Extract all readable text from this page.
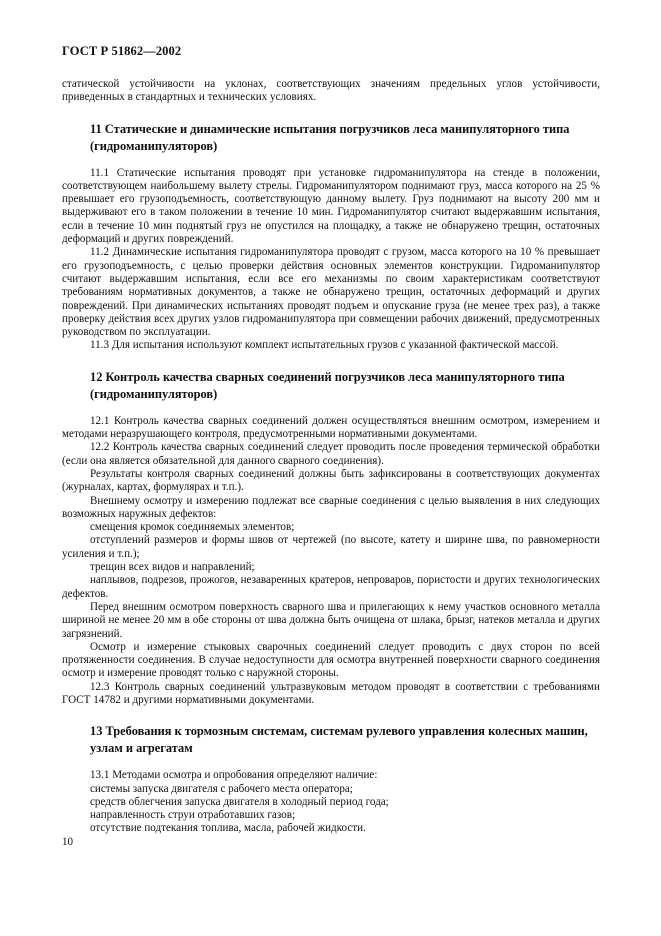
ГОСТ Р 51862—2002

статической устойчивости на уклонах, соответствующих значениям предельных углов устойчивости, приведенных в стандартных и технических условиях.

11 Статические и динамические испытания погрузчиков леса манипуляторного типа (гидроманипуляторов)

11.1 Статические испытания проводят при установке гидроманипулятора на стенде в положении, соответствующем наибольшему вылету стрелы. Гидроманипулятором поднимают груз, масса которого на 25 % превышает его грузоподъемность, соответствующую данному вылету. Груз поднимают на высоту 200 мм и выдерживают его в таком положении в течение 10 мин. Гидроманипулятор считают выдержавшим испытания, если в течение 10 мин поднятый груз не опустился на площадку, а также не обнаружено трещин, остаточных деформаций и других повреждений.

11.2 Динамические испытания гидроманипулятора проводят с грузом, масса которого на 10 % превышает его грузоподъемность, с целью проверки действия основных элементов конструкции. Гидроманипулятор считают выдержавшим испытания, если все его механизмы по своим характеристикам соответствуют требованиям нормативных документов, а также не обнаружено трещин, остаточных деформаций и других повреждений. При динамических испытаниях проводят подъем и опускание груза (не менее трех раз), а также проверку действия всех других узлов гидроманипулятора при совмещении рабочих движений, предусмотренных руководством по эксплуатации.

11.3 Для испытания используют комплект испытательных грузов с указанной фактической массой.

12 Контроль качества сварных соединений погрузчиков леса манипуляторного типа (гидроманипуляторов)

12.1 Контроль качества сварных соединений должен осуществляться внешним осмотром, измерением и методами неразрушающего контроля, предусмотренными нормативными документами.

12.2 Контроль качества сварных соединений следует проводить после проведения термической обработки (если она является обязательной для данного сварного соединения).

Результаты контроля сварных соединений должны быть зафиксированы в соответствующих документах (журналах, картах, формулярах и т.п.).

Внешнему осмотру и измерению подлежат все сварные соединения с целью выявления в них следующих возможных наружных дефектов:

смещения кромок соединяемых элементов;

отступлений размеров и формы швов от чертежей (по высоте, катету и ширине шва, по равномерности усиления и т.п.);

трещин всех видов и направлений;

наплывов, подрезов, прожогов, незаваренных кратеров, непроваров, пористости и других технологических дефектов.

Перед внешним осмотром поверхность сварного шва и прилегающих к нему участков основного металла шириной не менее 20 мм в обе стороны от шва должна быть очищена от шлака, брызг, натеков металла и других загрязнений.

Осмотр и измерение стыковых сварочных соединений следует проводить с двух сторон по всей протяженности соединения. В случае недоступности для осмотра внутренней поверхности сварного соединения осмотр и измерение проводят только с наружной стороны.

12.3 Контроль сварных соединений ультразвуковым методом проводят в соответствии с требованиями ГОСТ 14782 и другими нормативными документами.

13 Требования к тормозным системам, системам рулевого управления колесных машин, узлам и агрегатам

13.1 Методами осмотра и опробования определяют наличие:

системы запуска двигателя с рабочего места оператора;

средств облегчения запуска двигателя в холодный период года;

направленность струи отработавших газов;

отсутствие подтекания топлива, масла, рабочей жидкости.

10
